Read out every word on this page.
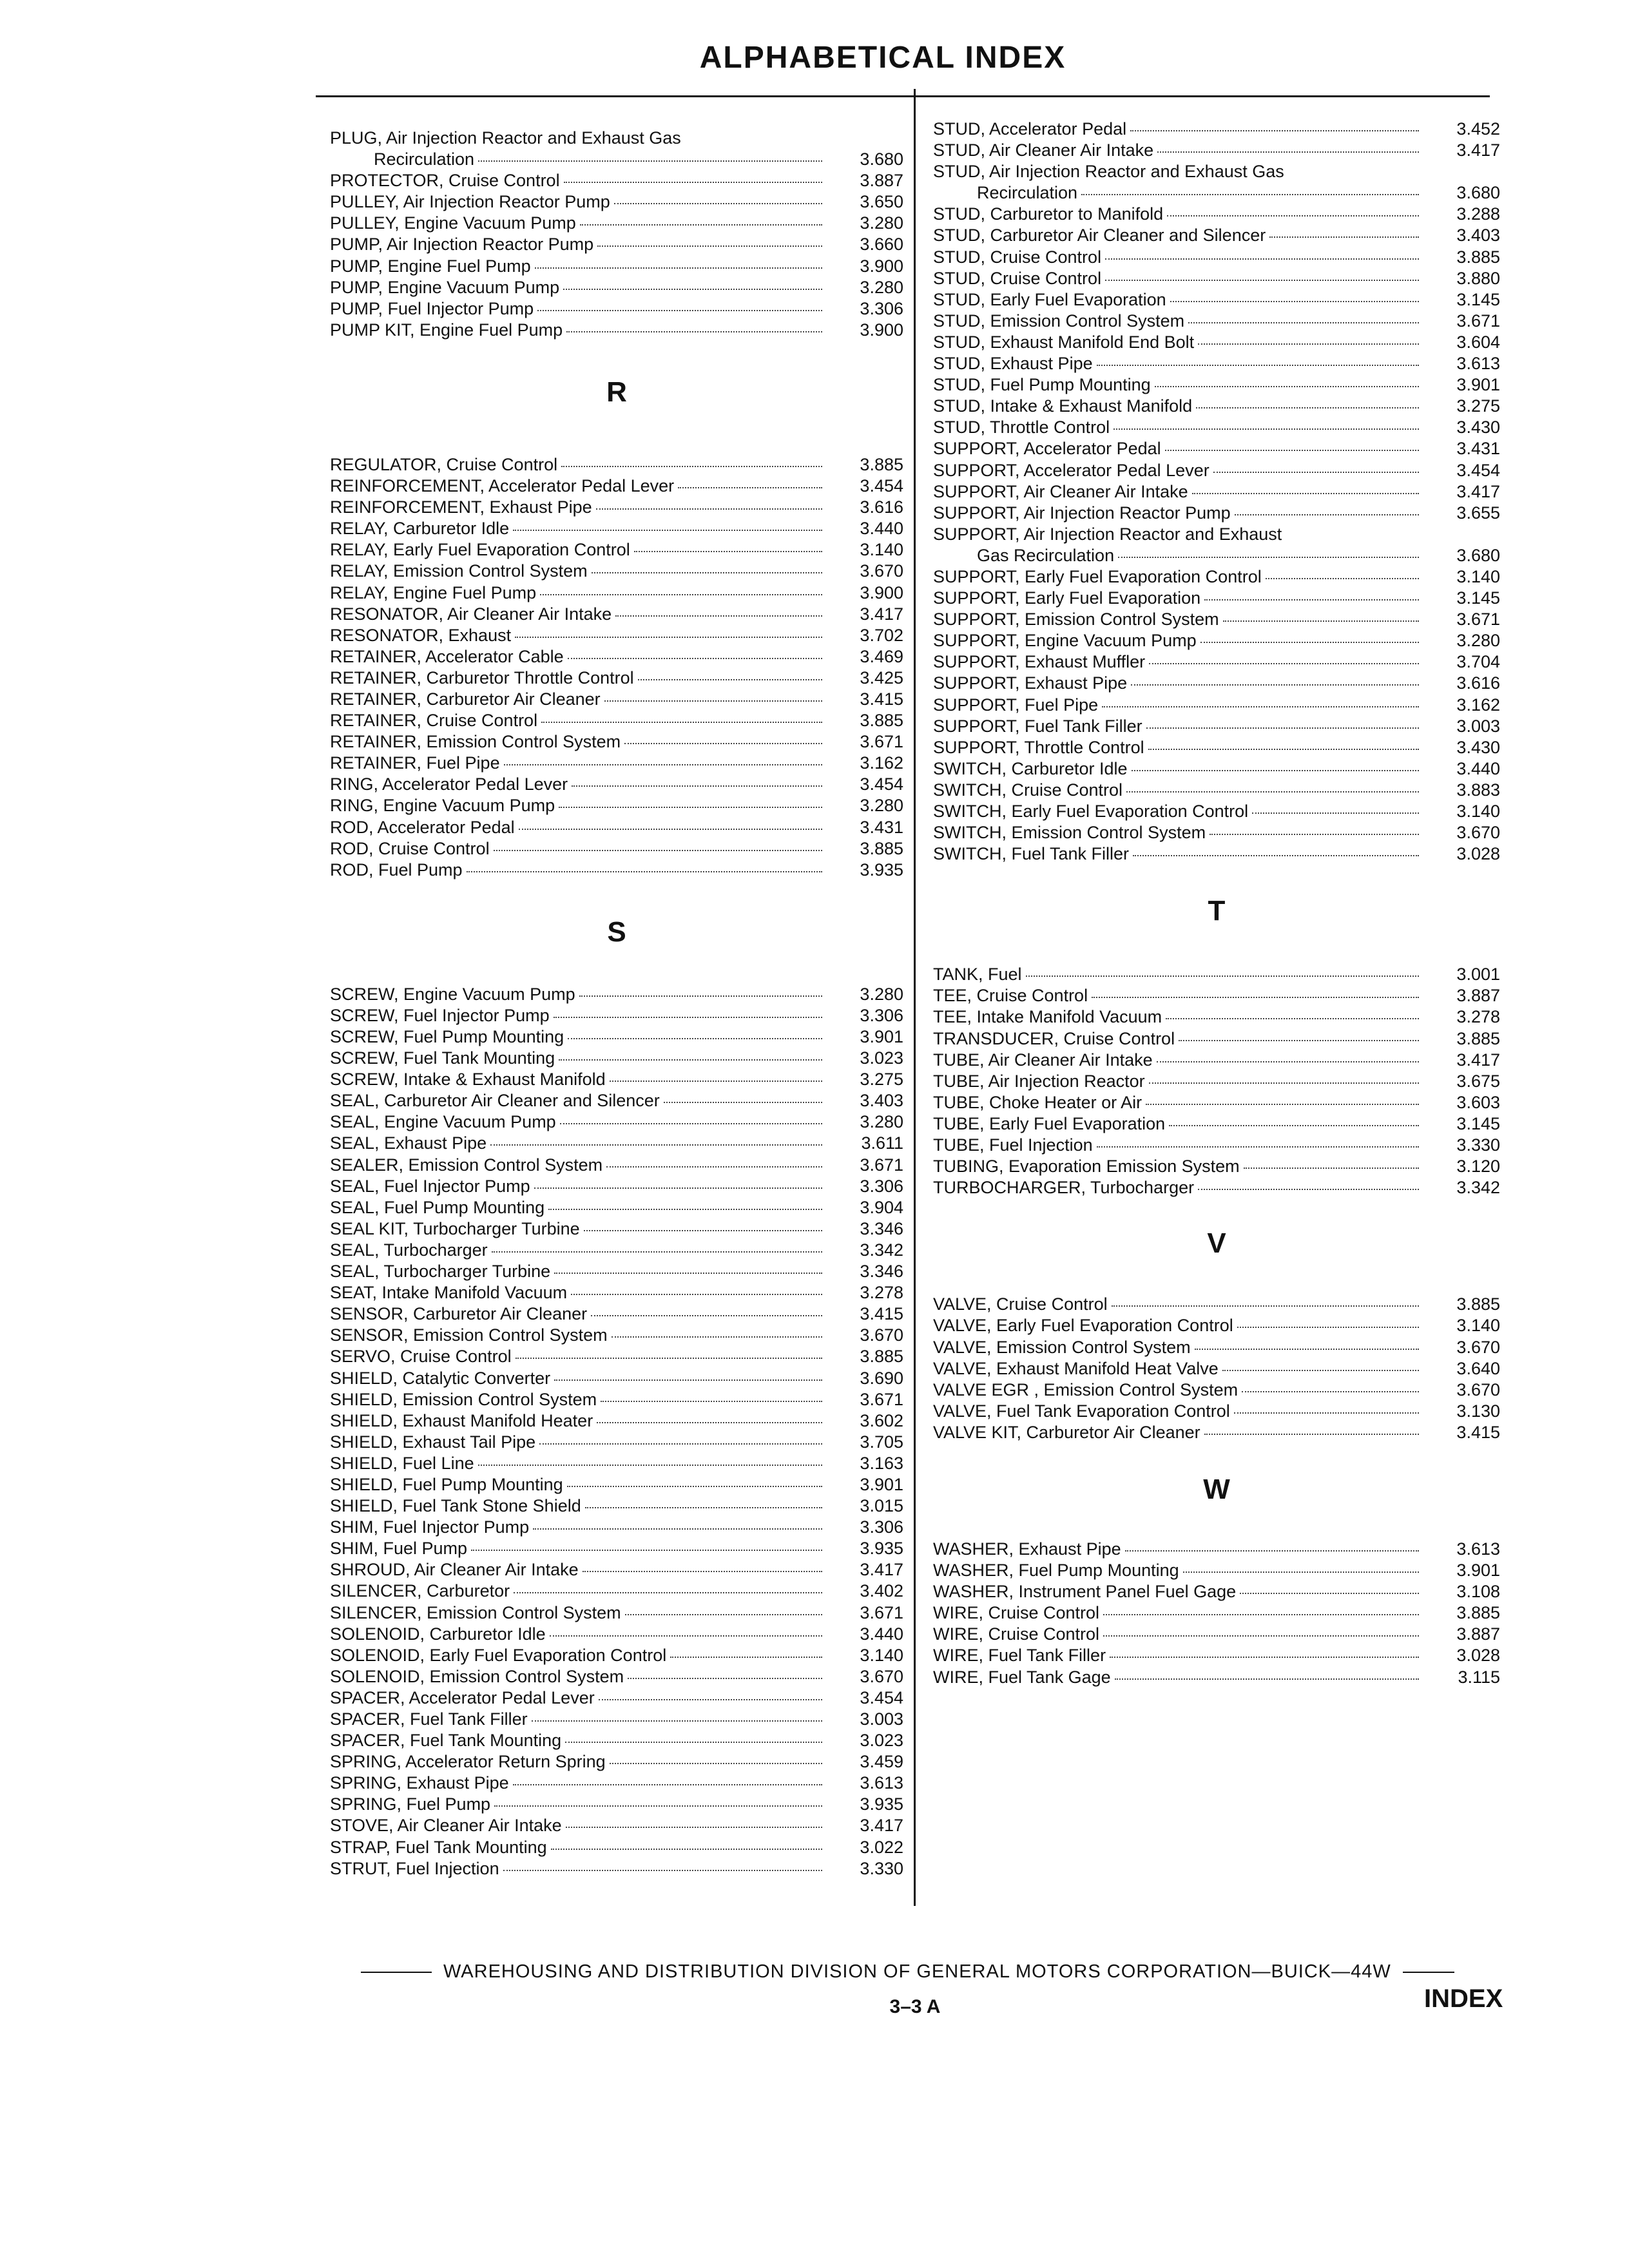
ALPHABETICAL INDEX
PLUG, Air Injection Reactor and Exhaust Gas
Recirculation	3.680
PROTECTOR, Cruise Control	3.887
PULLEY, Air Injection Reactor Pump	3.650
PULLEY, Engine Vacuum Pump	3.280
PUMP, Air Injection Reactor Pump	3.660
PUMP, Engine Fuel Pump	3.900
PUMP, Engine Vacuum Pump	3.280
PUMP, Fuel Injector Pump	3.306
PUMP KIT, Engine Fuel Pump	3.900
R
REGULATOR, Cruise Control	3.885
REINFORCEMENT, Accelerator Pedal Lever	3.454
REINFORCEMENT, Exhaust Pipe	3.616
RELAY, Carburetor Idle	3.440
RELAY, Early Fuel Evaporation Control	3.140
RELAY, Emission Control System	3.670
RELAY, Engine Fuel Pump	3.900
RESONATOR, Air Cleaner Air Intake	3.417
RESONATOR, Exhaust	3.702
RETAINER, Accelerator Cable	3.469
RETAINER, Carburetor Throttle Control	3.425
RETAINER, Carburetor Air Cleaner	3.415
RETAINER, Cruise Control	3.885
RETAINER, Emission Control System	3.671
RETAINER, Fuel Pipe	3.162
RING, Accelerator Pedal Lever	3.454
RING, Engine Vacuum Pump	3.280
ROD, Accelerator Pedal	3.431
ROD, Cruise Control	3.885
ROD, Fuel Pump	3.935
S
SCREW, Engine Vacuum Pump	3.280
SCREW, Fuel Injector Pump	3.306
SCREW, Fuel Pump Mounting	3.901
SCREW, Fuel Tank Mounting	3.023
SCREW, Intake & Exhaust Manifold	3.275
SEAL, Carburetor Air Cleaner and Silencer	3.403
SEAL, Engine Vacuum Pump	3.280
SEAL, Exhaust Pipe	3.611
SEALER, Emission Control System	3.671
SEAL, Fuel Injector Pump	3.306
SEAL, Fuel Pump Mounting	3.904
SEAL KIT, Turbocharger Turbine	3.346
SEAL, Turbocharger	3.342
SEAL, Turbocharger Turbine	3.346
SEAT, Intake Manifold Vacuum	3.278
SENSOR, Carburetor Air Cleaner	3.415
SENSOR, Emission Control System	3.670
SERVO, Cruise Control	3.885
SHIELD, Catalytic Converter	3.690
SHIELD, Emission Control System	3.671
SHIELD, Exhaust Manifold Heater	3.602
SHIELD, Exhaust Tail Pipe	3.705
SHIELD, Fuel Line	3.163
SHIELD, Fuel Pump Mounting	3.901
SHIELD, Fuel Tank Stone Shield	3.015
SHIM, Fuel Injector Pump	3.306
SHIM, Fuel Pump	3.935
SHROUD, Air Cleaner Air Intake	3.417
SILENCER, Carburetor	3.402
SILENCER, Emission Control System	3.671
SOLENOID, Carburetor Idle	3.440
SOLENOID, Early Fuel Evaporation Control	3.140
SOLENOID, Emission Control System	3.670
SPACER, Accelerator Pedal Lever	3.454
SPACER, Fuel Tank Filler	3.003
SPACER, Fuel Tank Mounting	3.023
SPRING, Accelerator Return Spring	3.459
SPRING, Exhaust Pipe	3.613
SPRING, Fuel Pump	3.935
STOVE, Air Cleaner Air Intake	3.417
STRAP, Fuel Tank Mounting	3.022
STRUT, Fuel Injection	3.330
STUD, Accelerator Pedal	3.452
STUD, Air Cleaner Air Intake	3.417
STUD, Air Injection Reactor and Exhaust Gas
Recirculation	3.680
STUD, Carburetor to Manifold	3.288
STUD, Carburetor Air Cleaner and Silencer	3.403
STUD, Cruise Control	3.885
STUD, Cruise Control	3.880
STUD, Early Fuel Evaporation	3.145
STUD, Emission Control System	3.671
STUD, Exhaust Manifold End Bolt	3.604
STUD, Exhaust Pipe	3.613
STUD, Fuel Pump Mounting	3.901
STUD, Intake & Exhaust Manifold	3.275
STUD, Throttle Control	3.430
SUPPORT, Accelerator Pedal	3.431
SUPPORT, Accelerator Pedal Lever	3.454
SUPPORT, Air Cleaner Air Intake	3.417
SUPPORT, Air Injection Reactor Pump	3.655
SUPPORT, Air Injection Reactor and Exhaust
Gas Recirculation	3.680
SUPPORT, Early Fuel Evaporation Control	3.140
SUPPORT, Early Fuel Evaporation	3.145
SUPPORT, Emission Control System	3.671
SUPPORT, Engine Vacuum Pump	3.280
SUPPORT, Exhaust Muffler	3.704
SUPPORT, Exhaust Pipe	3.616
SUPPORT, Fuel Pipe	3.162
SUPPORT, Fuel Tank Filler	3.003
SUPPORT, Throttle Control	3.430
SWITCH, Carburetor Idle	3.440
SWITCH, Cruise Control	3.883
SWITCH, Early Fuel Evaporation Control	3.140
SWITCH, Emission Control System	3.670
SWITCH, Fuel Tank Filler	3.028
T
TANK, Fuel	3.001
TEE, Cruise Control	3.887
TEE, Intake Manifold Vacuum	3.278
TRANSDUCER, Cruise Control	3.885
TUBE, Air Cleaner Air Intake	3.417
TUBE, Air Injection Reactor	3.675
TUBE, Choke Heater or Air	3.603
TUBE, Early Fuel Evaporation	3.145
TUBE, Fuel Injection	3.330
TUBING, Evaporation Emission System	3.120
TURBOCHARGER, Turbocharger	3.342
V
VALVE, Cruise Control	3.885
VALVE, Early Fuel Evaporation Control	3.140
VALVE, Emission Control System	3.670
VALVE, Exhaust Manifold Heat Valve	3.640
VALVE EGR , Emission Control System	3.670
VALVE, Fuel Tank Evaporation Control	3.130
VALVE KIT, Carburetor Air Cleaner	3.415
W
WASHER, Exhaust Pipe	3.613
WASHER, Fuel Pump Mounting	3.901
WASHER, Instrument Panel Fuel Gage	3.108
WIRE, Cruise Control	3.885
WIRE, Cruise Control	3.887
WIRE, Fuel Tank Filler	3.028
WIRE, Fuel Tank Gage	3.115
WAREHOUSING AND DISTRIBUTION DIVISION OF GENERAL MOTORS CORPORATION—BUICK—44W
3–3 A	INDEX
